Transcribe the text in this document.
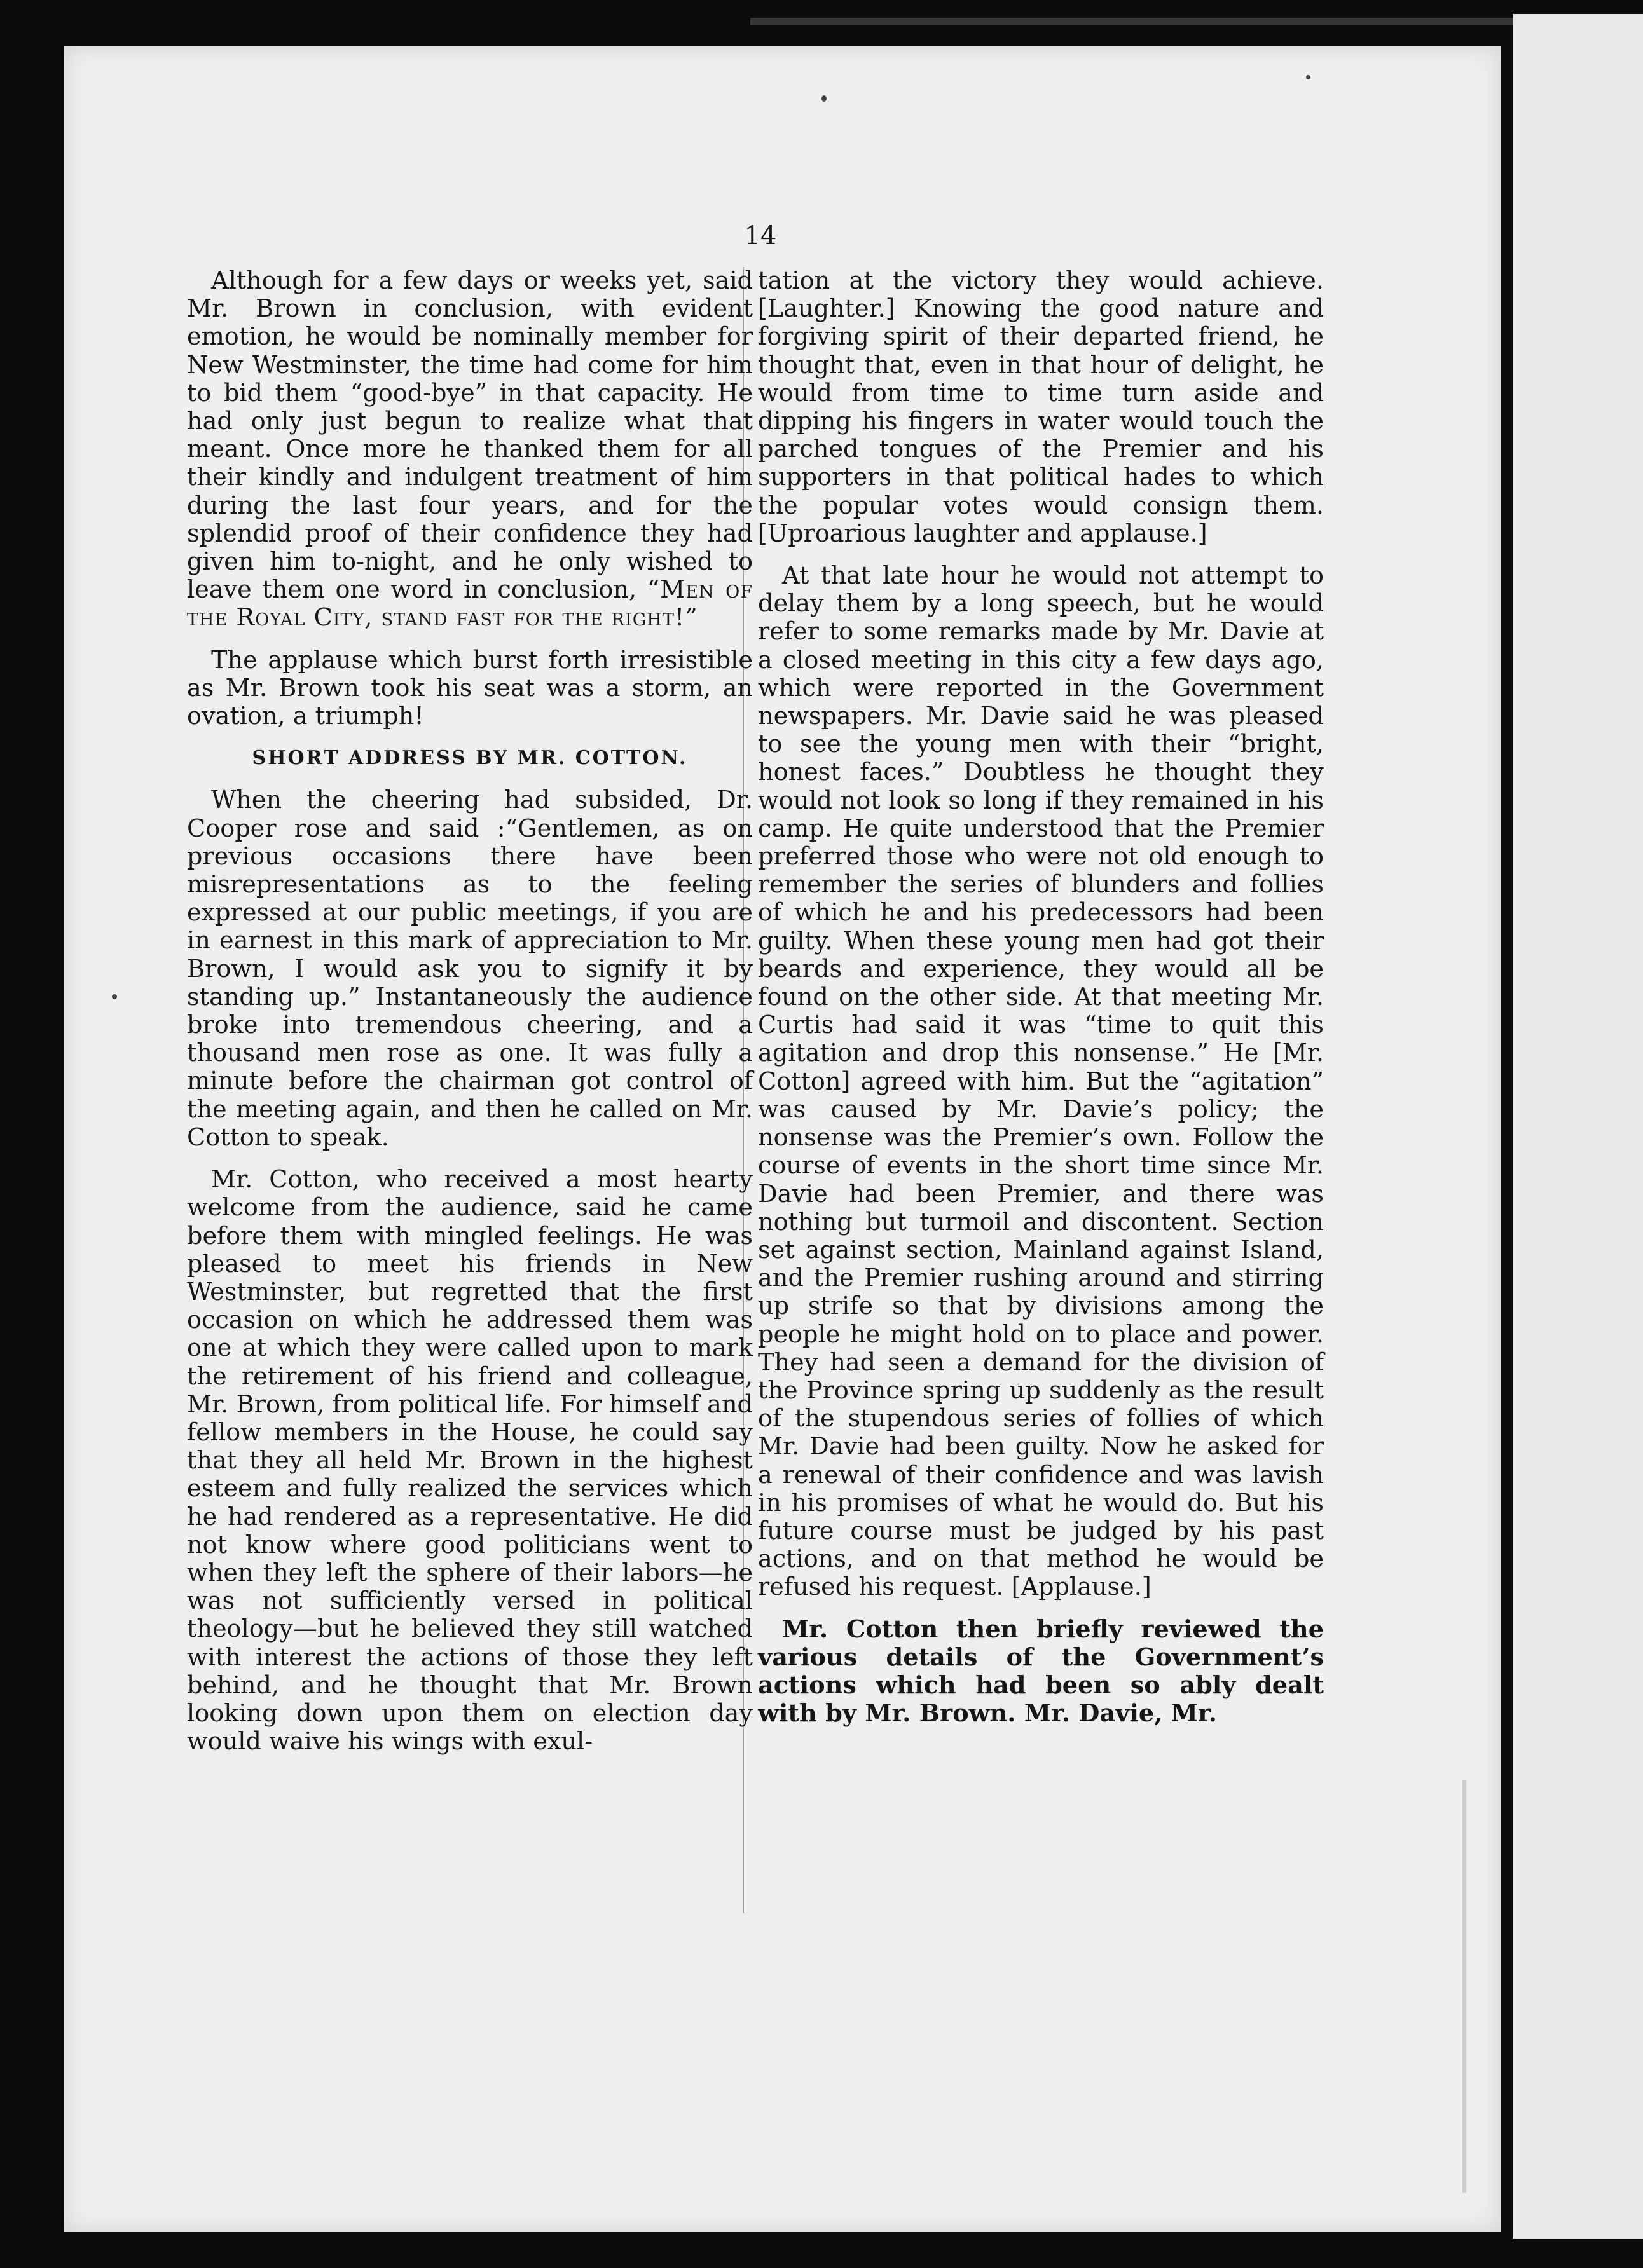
14

Although for a few days or weeks yet, said Mr. Brown in conclusion, with evident emotion, he would be nominally member for New Westminster, the time had come for him to bid them “good-bye” in that capacity. He had only just begun to realize what that meant. Once more he thanked them for all their kindly and indulgent treatment of him during the last four years, and for the splendid proof of their confidence they had given him to-night, and he only wished to leave them one word in conclusion, “Men of the Royal City, stand fast for the right!”

The applause which burst forth irresistible as Mr. Brown took his seat was a storm, an ovation, a triumph!

SHORT ADDRESS BY MR. COTTON.

When the cheering had subsided, Dr. Cooper rose and said :“Gentlemen, as on previous occasions there have been misrepresentations as to the feeling expressed at our public meetings, if you are in earnest in this mark of appreciation to Mr. Brown, I would ask you to signify it by standing up.” Instantaneously the audience broke into tremendous cheering, and a thousand men rose as one. It was fully a minute before the chairman got control of the meeting again, and then he called on Mr. Cotton to speak.

Mr. Cotton, who received a most hearty welcome from the audience, said he came before them with mingled feelings. He was pleased to meet his friends in New Westminster, but regretted that the first occasion on which he addressed them was one at which they were called upon to mark the retirement of his friend and colleague, Mr. Brown, from political life. For himself and fellow members in the House, he could say that they all held Mr. Brown in the highest esteem and fully realized the services which he had rendered as a representative. He did not know where good politicians went to when they left the sphere of their labors—he was not sufficiently versed in political theology—but he believed they still watched with interest the actions of those they left behind, and he thought that Mr. Brown looking down upon them on election day would waive his wings with exul-

tation at the victory they would achieve. [Laughter.] Knowing the good nature and forgiving spirit of their departed friend, he thought that, even in that hour of delight, he would from time to time turn aside and dipping his fingers in water would touch the parched tongues of the Premier and his supporters in that political hades to which the popular votes would consign them. [Uproarious laughter and applause.]

At that late hour he would not attempt to delay them by a long speech, but he would refer to some remarks made by Mr. Davie at a closed meeting in this city a few days ago, which were reported in the Government newspapers. Mr. Davie said he was pleased to see the young men with their “bright, honest faces.” Doubtless he thought they would not look so long if they remained in his camp. He quite understood that the Premier preferred those who were not old enough to remember the series of blunders and follies of which he and his predecessors had been guilty. When these young men had got their beards and experience, they would all be found on the other side. At that meeting Mr. Curtis had said it was “time to quit this agitation and drop this nonsense.” He [Mr. Cotton] agreed with him. But the “agitation” was caused by Mr. Davie’s policy; the nonsense was the Premier’s own. Follow the course of events in the short time since Mr. Davie had been Premier, and there was nothing but turmoil and discontent. Section set against section, Mainland against Island, and the Premier rushing around and stirring up strife so that by divisions among the people he might hold on to place and power. They had seen a demand for the division of the Province spring up suddenly as the result of the stupendous series of follies of which Mr. Davie had been guilty. Now he asked for a renewal of their confidence and was lavish in his promises of what he would do. But his future course must be judged by his past actions, and on that method he would be refused his request. [Applause.]

Mr. Cotton then briefly reviewed the various details of the Government’s actions which had been so ably dealt with by Mr. Brown. Mr. Davie, Mr.
